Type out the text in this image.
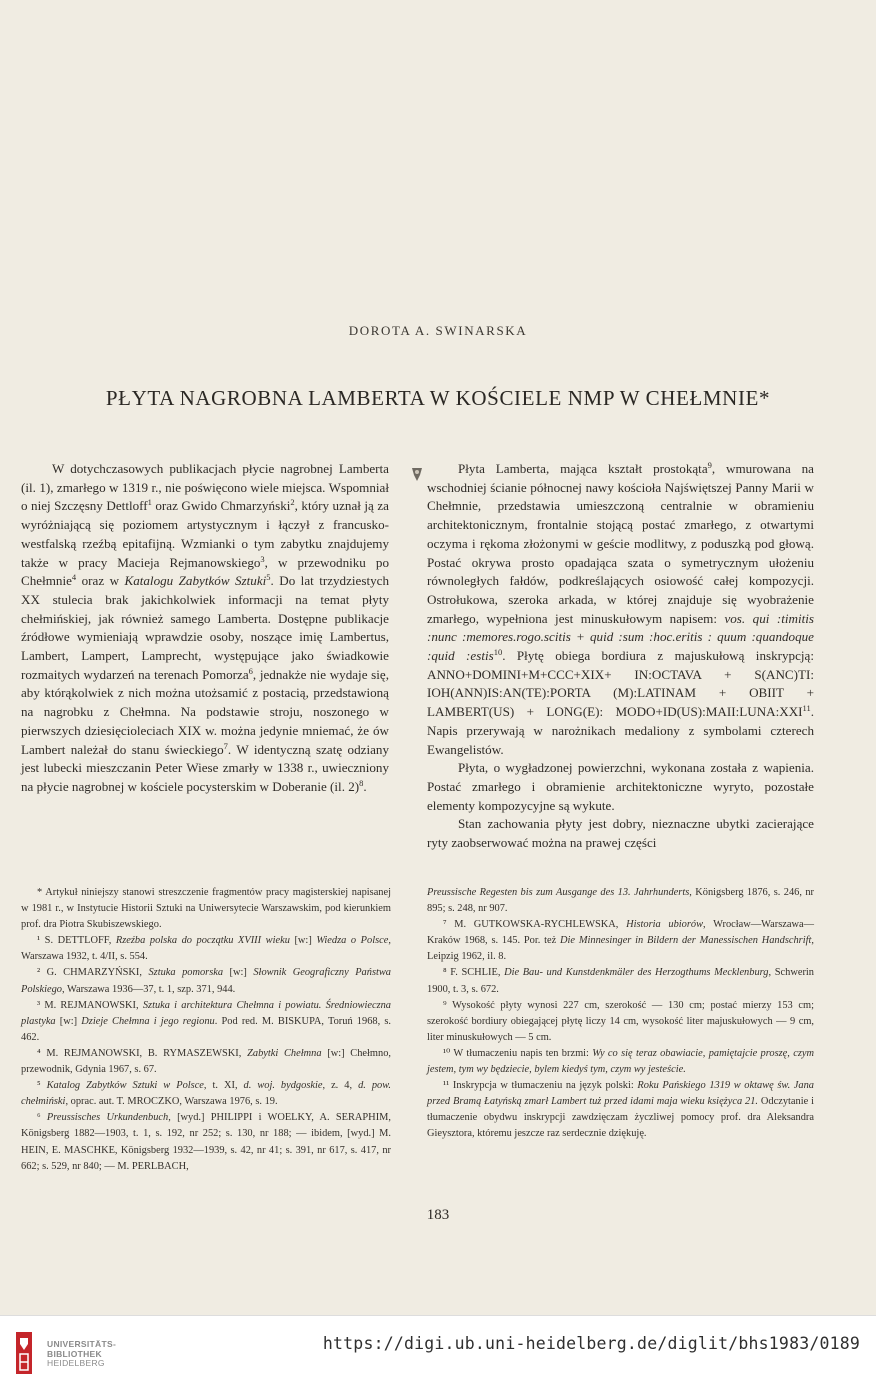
DOROTA A. SWINARSKA
PŁYTA NAGROBNA LAMBERTA W KOŚCIELE NMP W CHEŁMNIE*

W dotychczasowych publikacjach płycie nagrobnej Lamberta (il. 1), zmarłego w 1319 r., nie poświęcono wiele miejsca. Wspomniał o niej Szczęsny Dettloff$^1$ oraz Gwido Chmarzyński$^2$, który uznał ją za wyróżniającą się poziomem artystycznym i łączył z francusko-westfalską rzeźbą epitafijną. Wzmianki o tym zabytku znajdujemy także w pracy Macieja Rejmanowskiego$^3$, w przewodniku po Chełmnie$^4$ oraz w Katalogu Zabytków Sztuki$^5$. Do lat trzydziestych XX stulecia brak jakichkolwiek informacji na temat płyty chełmińskiej, jak również samego Lamberta. Dostępne publikacje źródłowe wymieniają wprawdzie osoby, noszące imię Lambertus, Lambert, Lampert, Lamprecht, występujące jako świadkowie rozmaitych wydarzeń na terenach Pomorza$^6$, jednakże nie wydaje się, aby którąkolwiek z nich można utożsamić z postacią, przedstawioną na nagrobku z Chełmna. Na podstawie stroju, noszonego w pierwszych dziesięcioleciach XIX w. można jedynie mniemać, że ów Lambert należał do stanu świeckiego$^7$. W identyczną szatę odziany jest lubecki mieszczanin Peter Wiese zmarły w 1338 r., uwieczniony na płycie nagrobnej w kościele pocysterskim w Doberanie (il. 2)$^8$.

Płyta Lamberta, mająca kształt prostokąta$^9$, wmurowana na wschodniej ścianie północnej nawy kościoła Najświętszej Panny Marii w Chełmnie, przedstawia umieszczoną centralnie w obramieniu architektonicznym, frontalnie stojącą postać zmarłego, z otwartymi oczyma i rękoma złożonymi w geście modlitwy, z poduszką pod głową. Postać okrywa prosto opadająca szata o symetrycznym ułożeniu równoległych fałdów, podkreślających osiowość całej kompozycji. Ostrołukowa, szeroka arkada, w której znajduje się wyobrażenie zmarłego, wypełniona jest minuskułowym napisem: vos. qui :timitis :nunc :memores.rogo.scitis + quid :sum :hoc.eritis : quum :quandoque :quid :estis$^{10}$. Płytę obiega bordiura z majuskułową inskrypcją: ANNO+DOMINI+M+CCC+XIX+ IN:OCTAVA + S(ANC)TI: IOH(ANN)IS:AN(TE):PORTA (M):LATINAM + OBIIT + LAMBERT(US) + LONG(E): $MODO+ID(US):MAII:LUNA:XXI^{11}$. Napis przerywają w narożnikach medaliony z symbolami czterech Ewangelistów.

Płyta, o wygładzonej powierzchni, wykonana została z wapienia. Postać zmarłego i obramienie architektoniczne wyryto, pozostałe elementy kompozycyjne są wykute.

Stan zachowania płyty jest dobry, nieznaczne ubytki zacierające ryty zaobserwować można na prawej części

* Artykuł niniejszy stanowi streszczenie fragmentów pracy magisterskiej napisanej w 1981 r., w Instytucie Historii Sztuki na Uniwersytecie Warszawskim, pod kierunkiem prof. dra Piotra Skubiszewskiego.

¹ S. DETTLOFF, Rzeźba polska do początku XVIII wieku [w:] Wiedza o Polsce, Warszawa 1932, t. 4/II, s. 554.

² G. CHMARZYŃSKI, Sztuka pomorska [w:] Słownik Geograficzny Państwa Polskiego, Warszawa 1936—37, t. 1, szp. 371, 944.

³ M. REJMANOWSKI, Sztuka i architektura Chełmna i powiatu. Średniowieczna plastyka [w:] Dzieje Chełmna i jego regionu. Pod red. M. BISKUPA, Toruń 1968, s. 462.

⁴ M. REJMANOWSKI, B. RYMASZEWSKI, Zabytki Chełmna [w:] Chełmno, przewodnik, Gdynia 1967, s. 67.

⁵ Katalog Zabytków Sztuki w Polsce, t. XI, d. woj. bydgoskie, z. 4, d. pow. chełmiński, oprac. aut. T. MROCZKO, Warszawa 1976, s. 19.

⁶ Preussisches Urkundenbuch, [wyd.] PHILIPPI i WOELKY, A. SERAPHIM, Königsberg 1882—1903, t. 1, s. 192, nr 252; s. 130, nr 188; — ibidem, [wyd.] M. HEIN, E. MASCHKE, Königsberg 1932—1939, s. 42, nr 41; s. 391, nr 617, s. 417, nr 662; s. 529, nr 840; — M. PERLBACH,

Preussische Regesten bis zum Ausgange des 13. Jahrhunderts, Königsberg 1876, s. 246, nr 895; s. 248, nr 907.

⁷ M. GUTKOWSKA-RYCHLEWSKA, Historia ubiorów, Wrocław—Warszawa—Kraków 1968, s. 145. Por. też Die Minnesinger in Bildern der Manessischen Handschrift, Leipzig 1962, il. 8.

⁸ F. SCHLIE, Die Bau- und Kunstdenkmäler des Herzogthums Mecklenburg, Schwerin 1900, t. 3, s. 672.

⁹ Wysokość płyty wynosi 227 cm, szerokość — 130 cm; postać mierzy 153 cm; szerokość bordiury obiegającej płytę liczy 14 cm, wysokość liter majuskułowych — 9 cm, liter minuskułowych — 5 cm.

¹⁰ W tłumaczeniu napis ten brzmi: Wy co się teraz obawiacie, pamiętajcie proszę, czym jestem, tym wy będziecie, bylem kiedyś tym, czym wy jesteście.

¹¹ Inskrypcja w tłumaczeniu na język polski: Roku Pańskiego 1319 w oktawę św. Jana przed Bramą Łatyńską zmarł Lambert tuż przed idami maja wieku księżyca 21. Odczytanie i tłumaczenie obydwu inskrypcji zawdzięczam życzliwej pomocy prof. dra Aleksandra Gieysztora, któremu jeszcze raz serdecznie dziękuję.

183
UNIVERSITÄTS-
BIBLIOTHEK
HEIDELBERG
https://digi.ub.uni-heidelberg.de/diglit/bhs1983/0189
